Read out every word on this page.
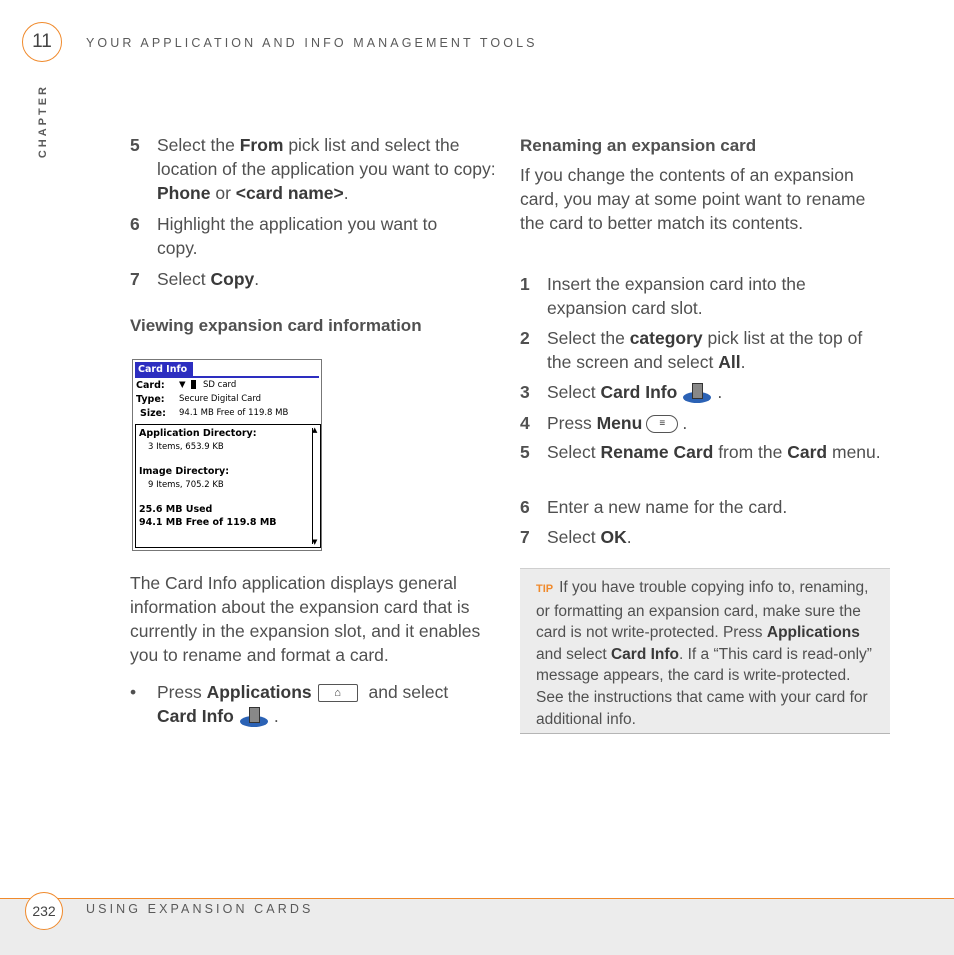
11	YOUR APPLICATION AND INFO MANAGEMENT TOOLS
CHAPTER	5 Select the From pick list and select the location of the application you want to copy: Phone or <card name>.
6 Highlight the application you want to copy.
7 Select Copy.
Viewing expansion card information
Card Info
Card: ▼ SD card
Type: Secure Digital Card
Size: 94.1 MB Free of 119.8 MB
Application Directory:
3 Items, 653.9 KB
Image Directory:
9 Items, 705.2 KB
25.6 MB Used
94.1 MB Free of 119.8 MB
▲
▼
The Card Info application displays general information about the expansion card that is currently in the expansion slot, and it enables you to rename and format a card.
• Press Applications ⌂ and select
Card Info .
Renaming an expansion card
If you change the contents of an expansion card, you may at some point want to rename the card to better match its contents.
1 Insert the expansion card into the expansion card slot.
2 Select the category pick list at the top of the screen and select All.
3 Select Card Info .
4 Press Menu ≡ .
5 Select Rename Card from the Card menu.
6 Enter a new name for the card.
7 Select OK.
TIP If you have trouble copying info to, renaming, or formatting an expansion card, make sure the card is not write-protected. Press Applications and select Card Info. If a “This card is read-only” message appears, the card is write-protected. See the instructions that came with your card for additional info.
232	USING EXPANSION CARDS
